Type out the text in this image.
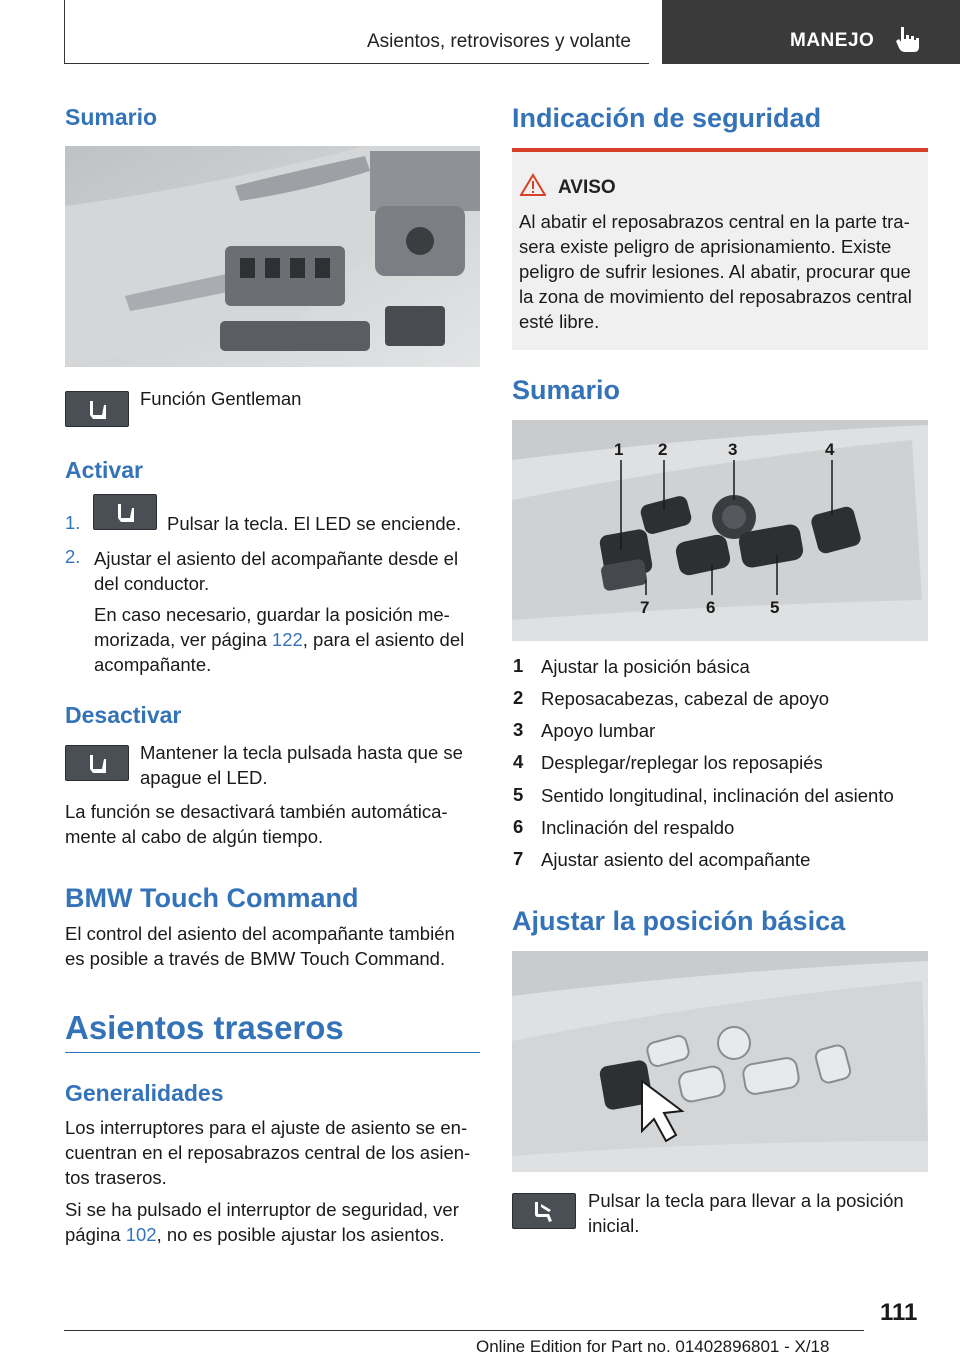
Asientos, retrovisores y volante	MANEJO
Sumario
Función Gentleman
Activar
1.	Pulsar la tecla. El LED se enciende.
2. Ajustar el asiento del acompañante desde el
del conductor.
En caso necesario, guardar la posición me‐
morizada, ver página 122, para el asiento del
acompañante.
Desactivar
Mantener la tecla pulsada hasta que se
apague el LED.
La función se desactivará también automática‐
mente al cabo de algún tiempo.
BMW Touch Command
El control del asiento del acompañante también
es posible a través de BMW Touch Command.
Asientos traseros
Generalidades
Los interruptores para el ajuste de asiento se en‐
cuentran en el reposabrazos central de los asien‐
tos traseros.
Si se ha pulsado el interruptor de seguridad, ver
página 102, no es posible ajustar los asientos.
Indicación de seguridad
AVISO
Al abatir el reposabrazos central en la parte tra‐
sera existe peligro de aprisionamiento. Existe
peligro de sufrir lesiones. Al abatir, procurar que
la zona de movimiento del reposabrazos central
esté libre.
Sumario
1 2	3	4
7	6	5
1 Ajustar la posición básica
2 Reposacabezas, cabezal de apoyo
3 Apoyo lumbar
4 Desplegar/replegar los reposapiés
5 Sentido longitudinal, inclinación del asiento
6 Inclinación del respaldo
7 Ajustar asiento del acompañante
Ajustar la posición básica
Pulsar la tecla para llevar a la posición
inicial.
111
Online Edition for Part no. 01402896801 - X/18
